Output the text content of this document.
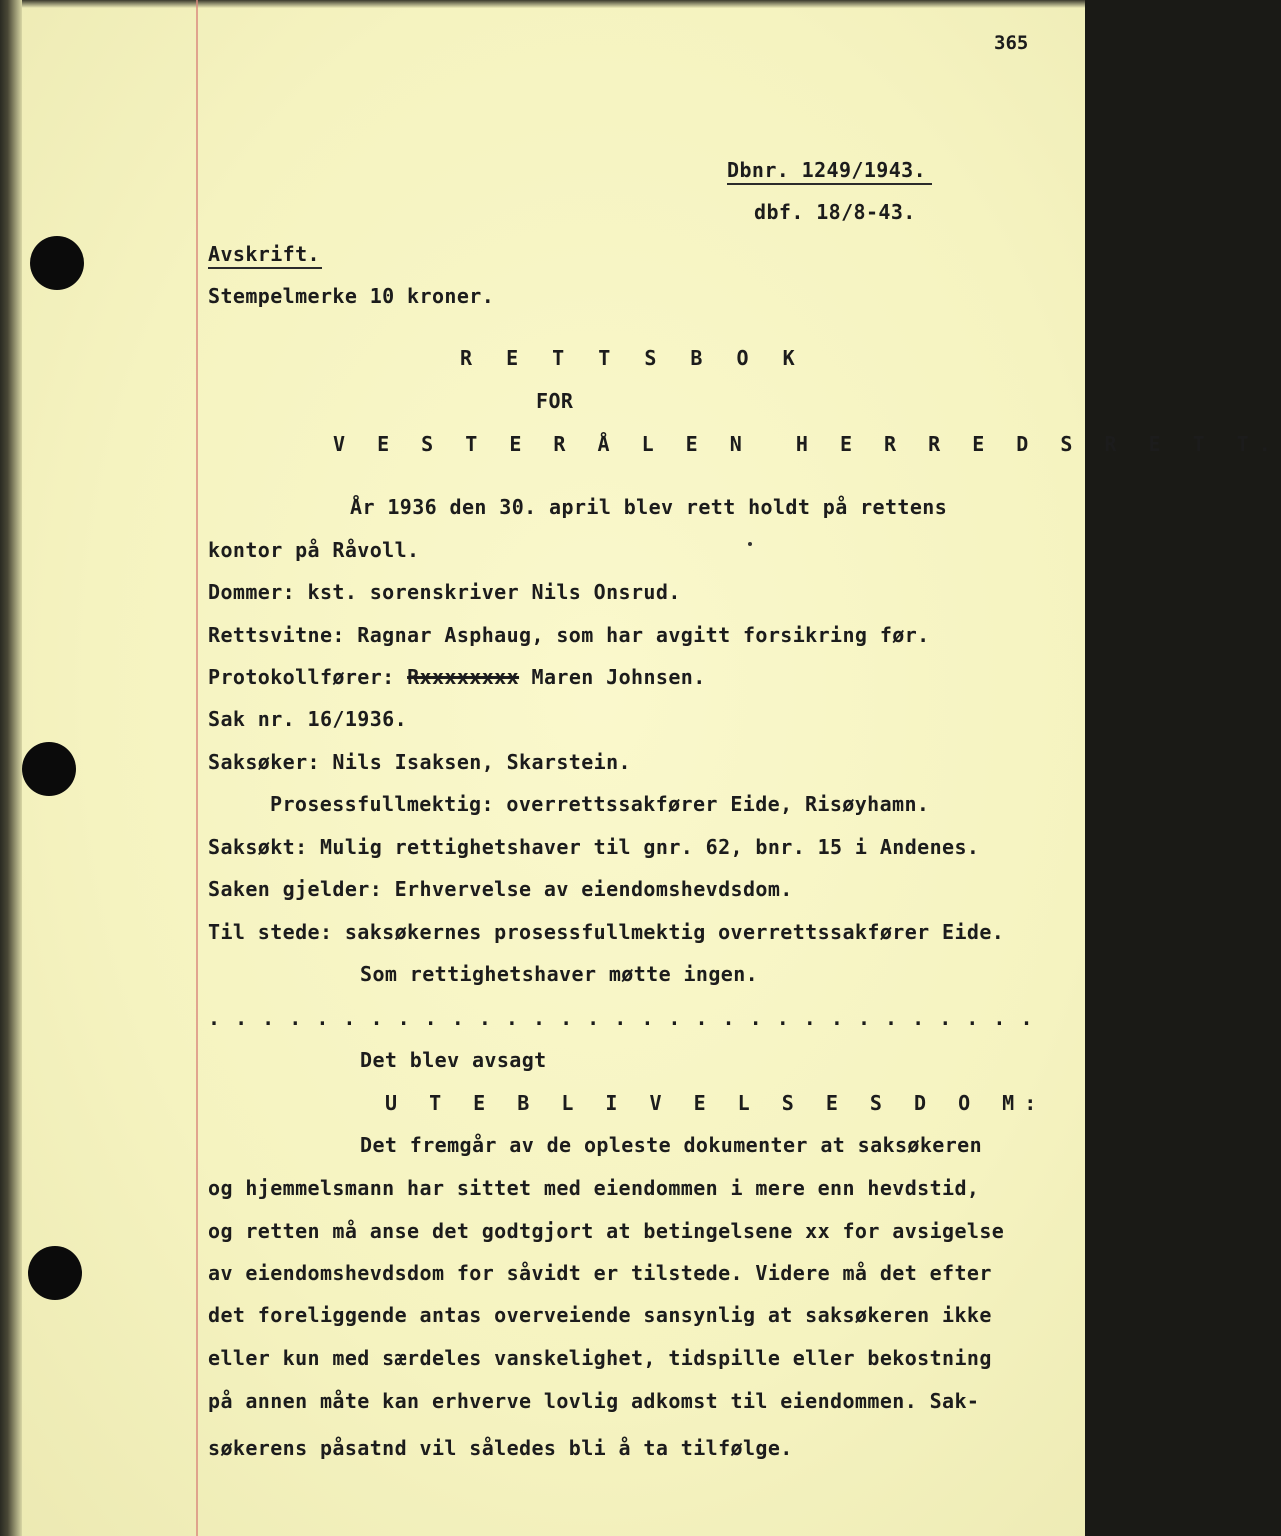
365

Dbnr. 1249/1943.

dbf. 18/8-43.

Avskrift.

Stempelmerke 10 kroner.

R E T T S B O K

FOR

V E S T E R Å L E N  H E R R E D S R E T T.

År 1936 den 30. april blev rett holdt på rettens

kontor på Råvoll.

Dommer: kst. sorenskriver Nils Onsrud.

Rettsvitne: Ragnar Asphaug, som har avgitt forsikring før.

Protokollfører: Rxxxxxxxx Maren Johnsen.

Sak nr. 16/1936.

Saksøker: Nils Isaksen, Skarstein.

Prosessfullmektig: overrettssakfører Eide, Risøyhamn.

Saksøkt: Mulig rettighetshaver til gnr. 62, bnr. 15 i Andenes.

Saken gjelder: Erhvervelse av eiendomshevdsdom.

Til stede: saksøkernes prosessfullmektig overrettssakfører Eide.

Som rettighetshaver møtte ingen.

. . . . . . . . . . . . . . . . . . . . . . . . . . . . . . .

Det blev avsagt

U T E B L I V E L S E S D O M:

Det fremgår av de opleste dokumenter at saksøkeren

og hjemmelsmann har sittet med eiendommen i mere enn hevdstid,

og retten må anse det godtgjort at betingelsene xx for avsigelse

av eiendomshevdsdom for såvidt er tilstede. Videre må det efter

det foreliggende antas overveiende sansynlig at saksøkeren ikke

eller kun med særdeles vanskelighet, tidspille eller bekostning

på annen måte kan erhverve lovlig adkomst til eiendommen. Sak-

søkerens påsatnd vil således bli å ta tilfølge.
